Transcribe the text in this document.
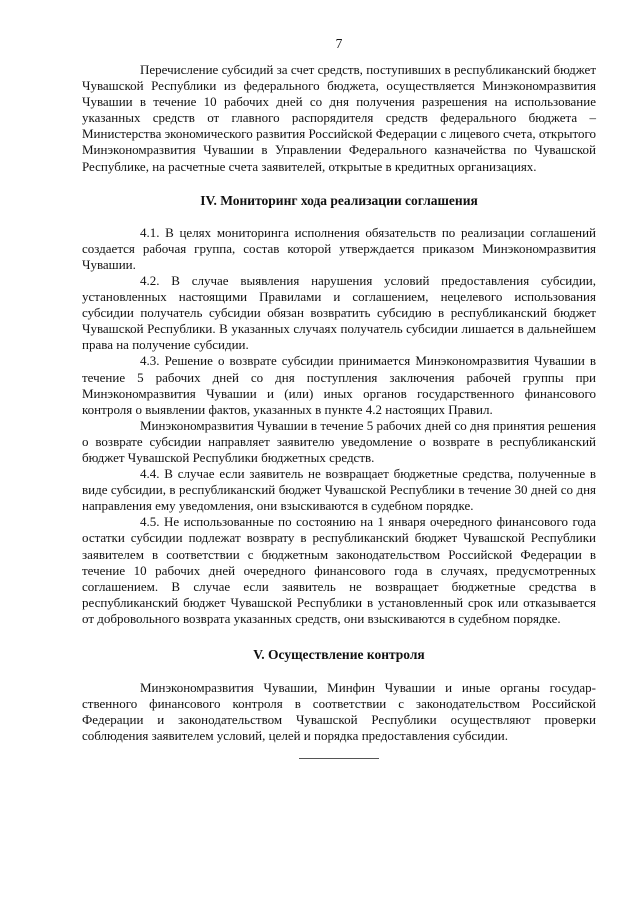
7

Перечисление субсидий за счет средств, поступивших в республиканский бюджет Чувашской Республики из федерального бюджета, осуществляется Минэкономразвития Чувашии в течение 10 рабочих дней со дня получения разрешения на использование указанных средств от главного распорядителя средств федерального бюджета – Министерства экономического развития Российской Федерации с лицевого счета, открытого Минэкономразвития Чувашии в Управлении Федерального казначейства по Чувашской Республике, на расчетные счета заявителей, открытые в кредитных организациях.

IV. Мониторинг хода реализации соглашения

4.1. В целях мониторинга исполнения обязательств по реализации соглашений создается рабочая группа, состав которой утверждается приказом Минэкономразвития Чувашии.

4.2. В случае выявления нарушения условий предоставления субсидии, установленных настоящими Правилами и соглашением, нецелевого использования субсидии получатель субсидии обязан возвратить субсидию в республиканский бюджет Чувашской Республики. В указанных случаях получатель субсидии лишается в дальнейшем права на получение субсидии.

4.3. Решение о возврате субсидии принимается Минэкономразвития Чувашии в течение 5 рабочих дней со дня поступления заключения рабочей группы при Минэкономразвития Чувашии и (или) иных органов государственного финансового контроля о выявлении фактов, указанных в пункте 4.2 настоящих Правил.

Минэкономразвития Чувашии в течение 5 рабочих дней со дня принятия решения о возврате субсидии направляет заявителю уведомление о возврате в республиканский бюджет Чувашской Республики бюджетных средств.

4.4. В случае если заявитель не возвращает бюджетные средства, полученные в виде субсидии, в республиканский бюджет Чувашской Республики в течение 30 дней со дня направления ему уведомления, они взыскиваются в судебном порядке.

4.5. Не использованные по состоянию на 1 января очередного финансового года остатки субсидии подлежат возврату в республиканский бюджет Чувашской Республики заявителем в соответствии с бюджетным законодательством Российской Федерации в течение 10 рабочих дней очередного финансового года в случаях, предусмотренных соглашением. В случае если заявитель не возвращает бюджетные средства в республиканский бюджет Чувашской Республики в установленный срок или отказывается от добровольного возврата указанных средств, они взыскиваются в судебном порядке.

V. Осуществление контроля

Минэкономразвития Чувашии, Минфин Чувашии и иные органы государственного финансового контроля в соответствии с законодательством Российской Федерации и законодательством Чувашской Республики осуществляют проверки соблюдения заявителем условий, целей и порядка предоставления субсидии.
